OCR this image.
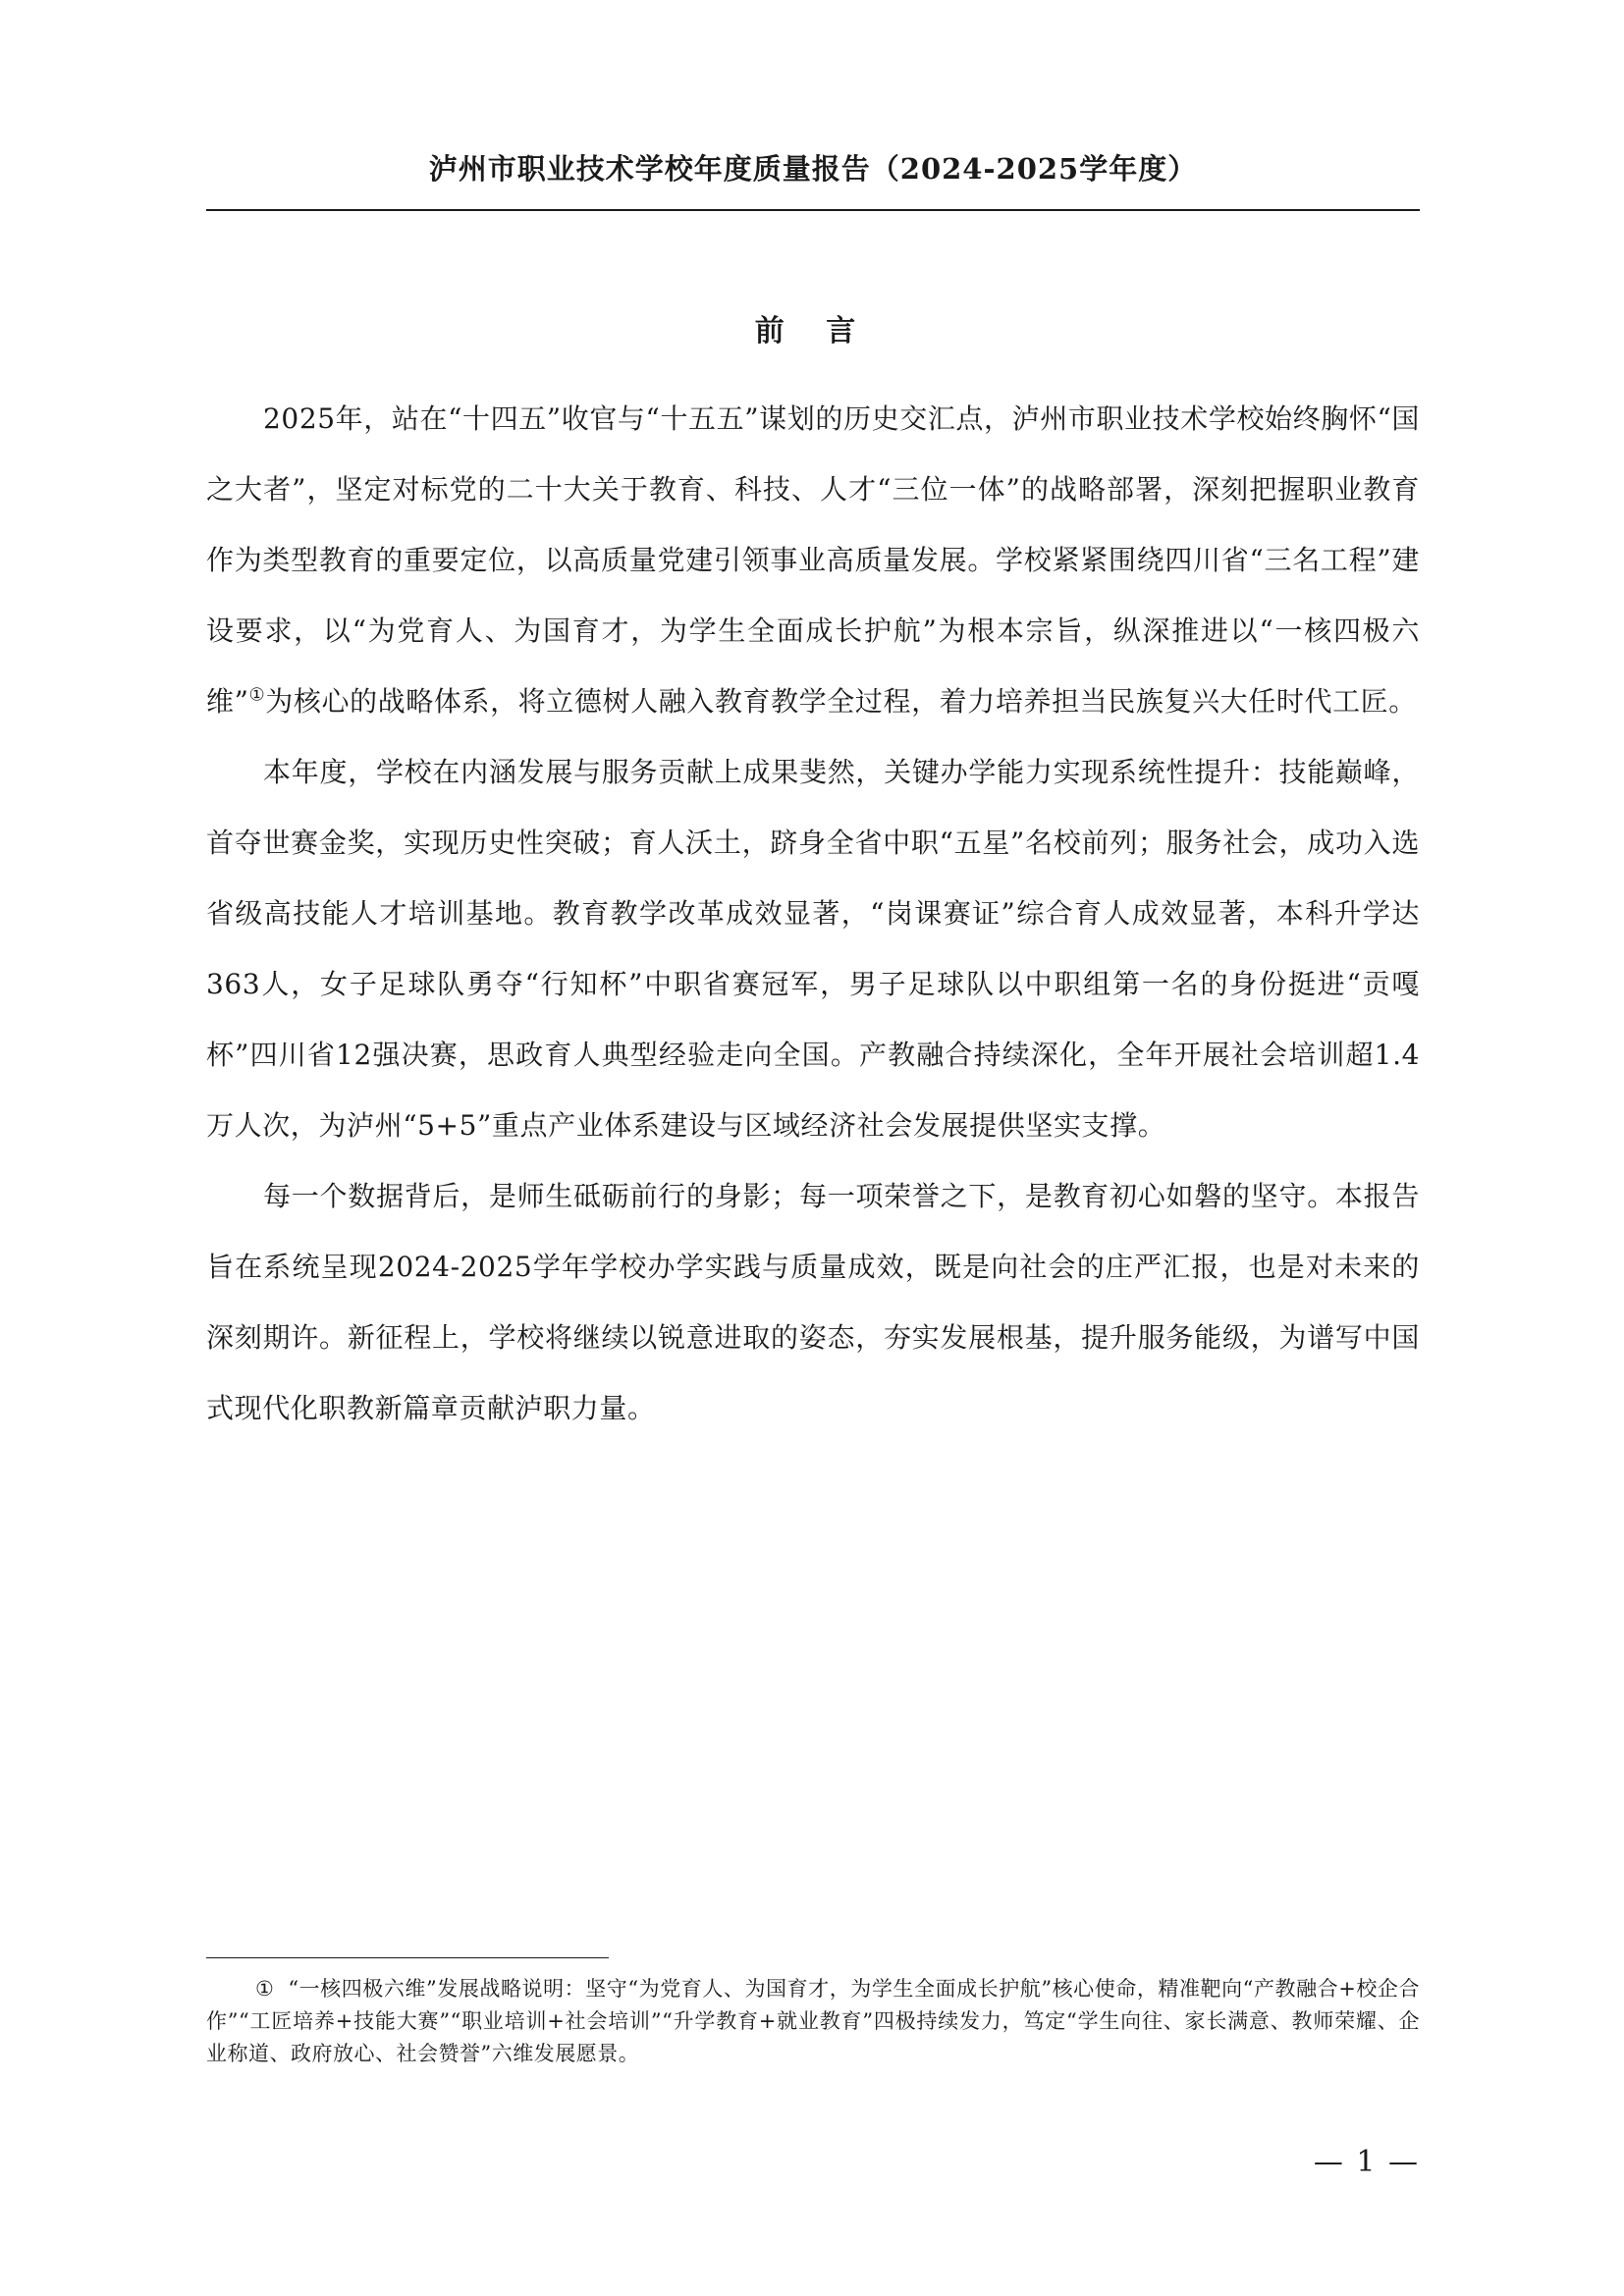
泸州市职业技术学校年度质量报告（2024-2025学年度）
前 言

2025年，站在“十四五”收官与“十五五”谋划的历史交汇点，泸州市职业技术学校始终胸怀“国之大者”，坚定对标党的二十大关于教育、科技、人才“三位一体”的战略部署，深刻把握职业教育作为类型教育的重要定位，以高质量党建引领事业高质量发展。学校紧紧围绕四川省“三名工程”建设要求，以“为党育人、为国育才，为学生全面成长护航”为根本宗旨，纵深推进以“一核四极六维”①为核心的战略体系，将立德树人融入教育教学全过程，着力培养担当民族复兴大任时代工匠。

本年度，学校在内涵发展与服务贡献上成果斐然，关键办学能力实现系统性提升：技能巅峰，首夺世赛金奖，实现历史性突破；育人沃土，跻身全省中职“五星”名校前列；服务社会，成功入选省级高技能人才培训基地。教育教学改革成效显著，“岗课赛证”综合育人成效显著，本科升学达363人，女子足球队勇夺“行知杯”中职省赛冠军，男子足球队以中职组第一名的身份挺进“贡嘎杯”四川省12强决赛，思政育人典型经验走向全国。产教融合持续深化，全年开展社会培训超1.4万人次，为泸州“5+5”重点产业体系建设与区域经济社会发展提供坚实支撑。

每一个数据背后，是师生砥砺前行的身影；每一项荣誉之下，是教育初心如磐的坚守。本报告旨在系统呈现2024-2025学年学校办学实践与质量成效，既是向社会的庄严汇报，也是对未来的深刻期许。新征程上，学校将继续以锐意进取的姿态，夯实发展根基，提升服务能级，为谱写中国式现代化职教新篇章贡献泸职力量。

① “一核四极六维”发展战略说明：坚守“为党育人、为国育才，为学生全面成长护航”核心使命，精准靶向“产教融合+校企合作”“工匠培养+技能大赛”“职业培训+社会培训”“升学教育+就业教育”四极持续发力，笃定“学生向往、家长满意、教师荣耀、企业称道、政府放心、社会赞誉”六维发展愿景。
— 1 —
